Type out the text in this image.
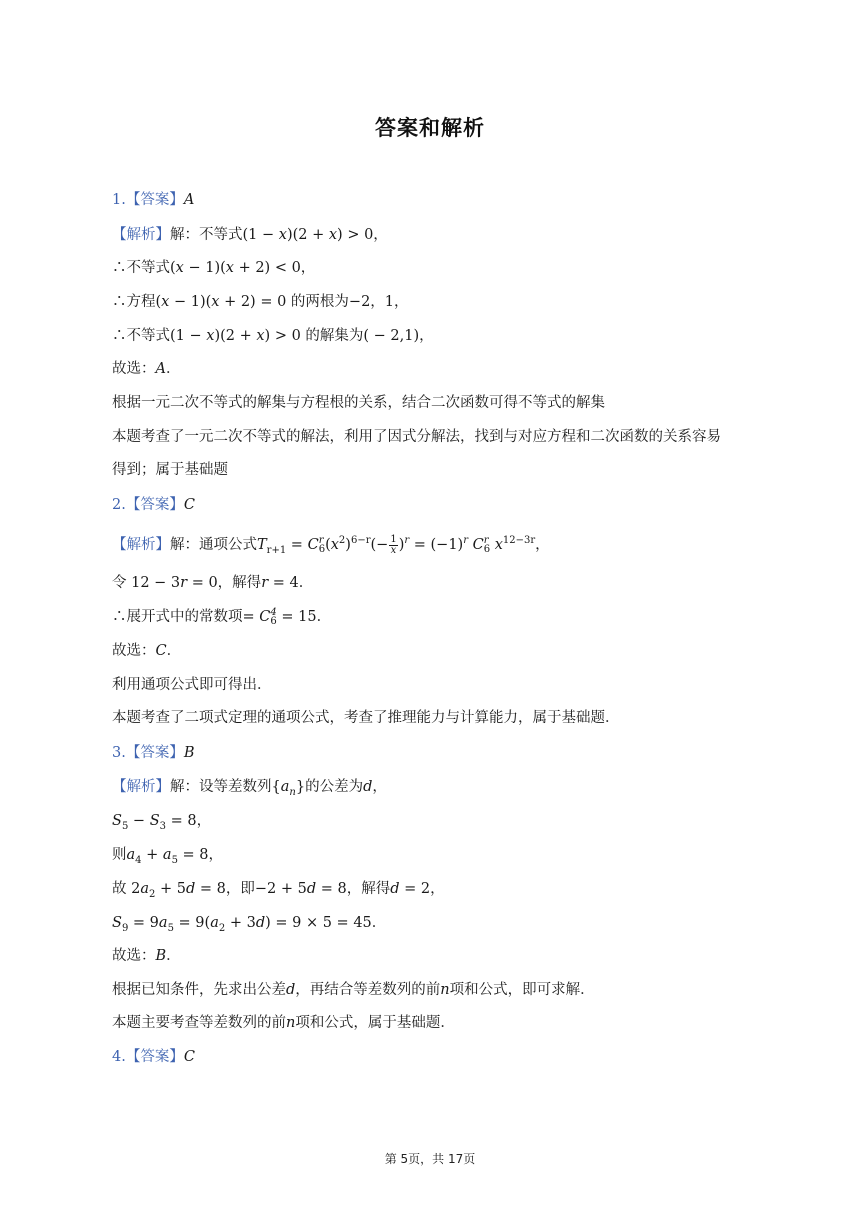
答案和解析
1.【答案】A
【解析】解：不等式(1 − x)(2 + x) > 0，
∴不等式(x − 1)(x + 2) < 0，
∴方程(x − 1)(x + 2) = 0 的两根为−2，1，
∴不等式(1 − x)(2 + x) > 0 的解集为( − 2,1)，
故选：A．
根据一元二次不等式的解集与方程根的关系，结合二次函数可得不等式的解集
本题考查了一元二次不等式的解法，利用了因式分解法，找到与对应方程和二次函数的关系容易
得到；属于基础题
2.【答案】C
【解析】解：通项公式$T_{r+1} = C$ r
6 $(x^2)^{6-r}(- \frac{1}{x} )^r = (-1)^r$ C r
6 $x^{12-3r}$，
令 12 − 3r = 0，解得r = 4．
∴展开式中的常数项= C 4
6 = 15．
故选：C．
利用通项公式即可得出．
本题考查了二项式定理的通项公式，考查了推理能力与计算能力，属于基础题．
3.【答案】B
【解析】解：设等差数列$\{a_n\}$的公差为d，
$S_5 - S_3 = 8$，
则$a_4 + a_5 = 8$，
故 $2a_2 + 5d = 8$，即−2 + 5d = 8，解得d = 2，
$S_9 = 9a_5 = 9(a_2 + 3d) = 9 \times 5 = 45$．
故选：B．
根据已知条件，先求出公差d，再结合等差数列的前n项和公式，即可求解．
本题主要考查等差数列的前n项和公式，属于基础题．
4.【答案】C
第 5页，共 17页
